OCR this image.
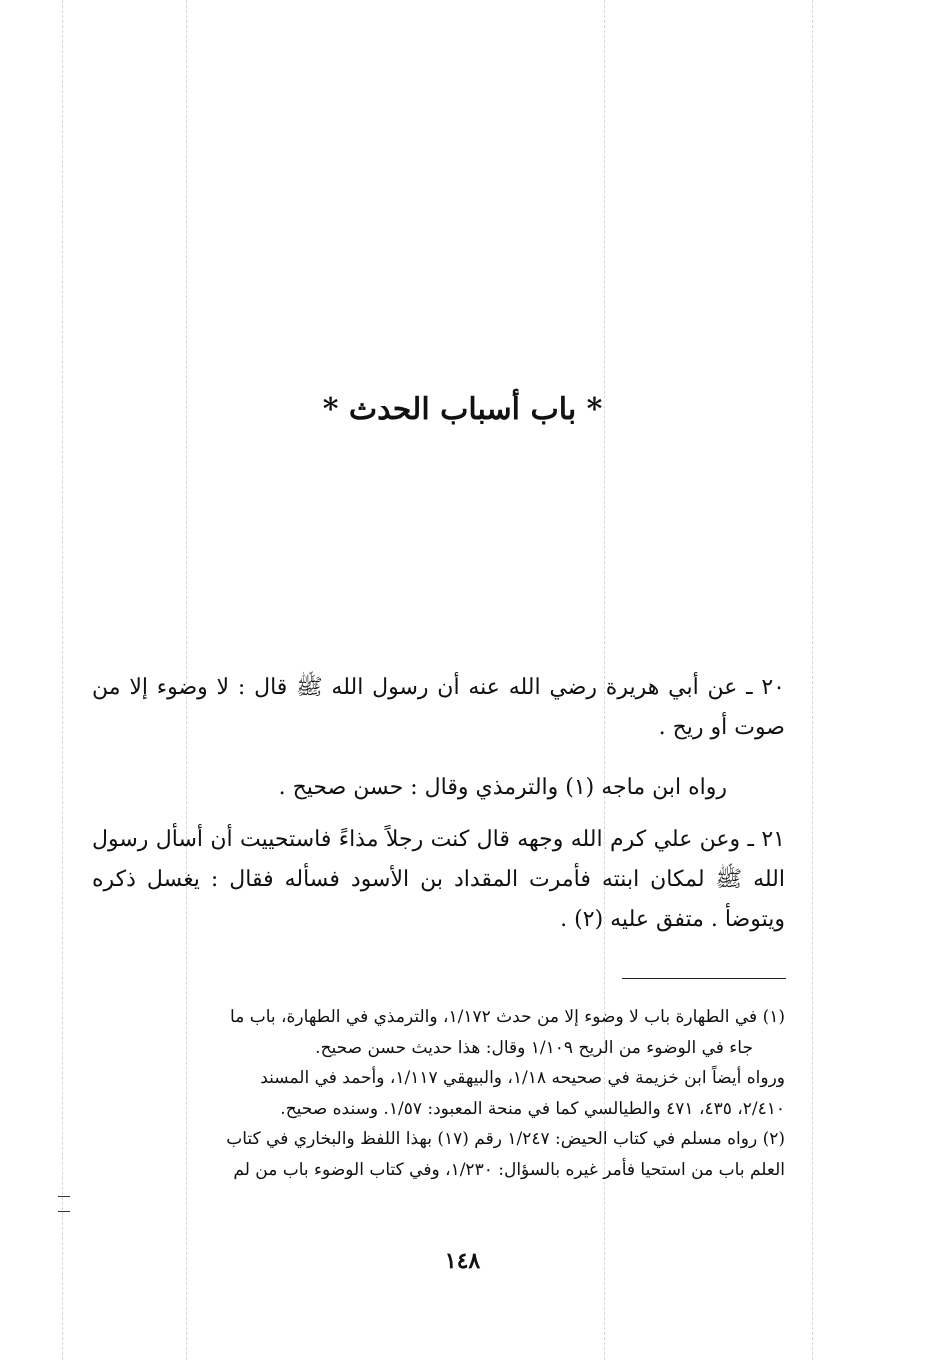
* باب أسباب الحدث *
٢٠ ـ عن أبي هريرة رضي الله عنه أن رسول الله ﷺ قال : لا وضوء إلا من صوت أو ريح .
رواه ابن ماجه (١) والترمذي وقال : حسن صحيح .
٢١ ـ وعن علي كرم الله وجهه قال كنت رجلاً مذاءً فاستحييت أن أسأل رسول الله ﷺ لمكان ابنته فأمرت المقداد بن الأسود فسأله فقال : يغسل ذكره ويتوضأ . متفق عليه (٢) .
(١) في الطهارة باب لا وضوء إلا من حدث ١/١٧٢، والترمذي في الطهارة، باب ما
جاء في الوضوء من الريح ١/١٠٩ وقال: هذا حديث حسن صحيح.
ورواه أيضاً ابن خزيمة في صحيحه ١/١٨، والبيهقي ١/١١٧، وأحمد في المسند
٢/٤١٠، ٤٣٥، ٤٧١ والطيالسي كما في منحة المعبود: ١/٥٧. وسنده صحيح.
(٢) رواه مسلم في كتاب الحيض: ١/٢٤٧ رقم (١٧) بهذا اللفظ والبخاري في كتاب
العلم باب من استحيا فأمر غيره بالسؤال: ١/٢٣٠، وفي كتاب الوضوء باب من لم
١٤٨
